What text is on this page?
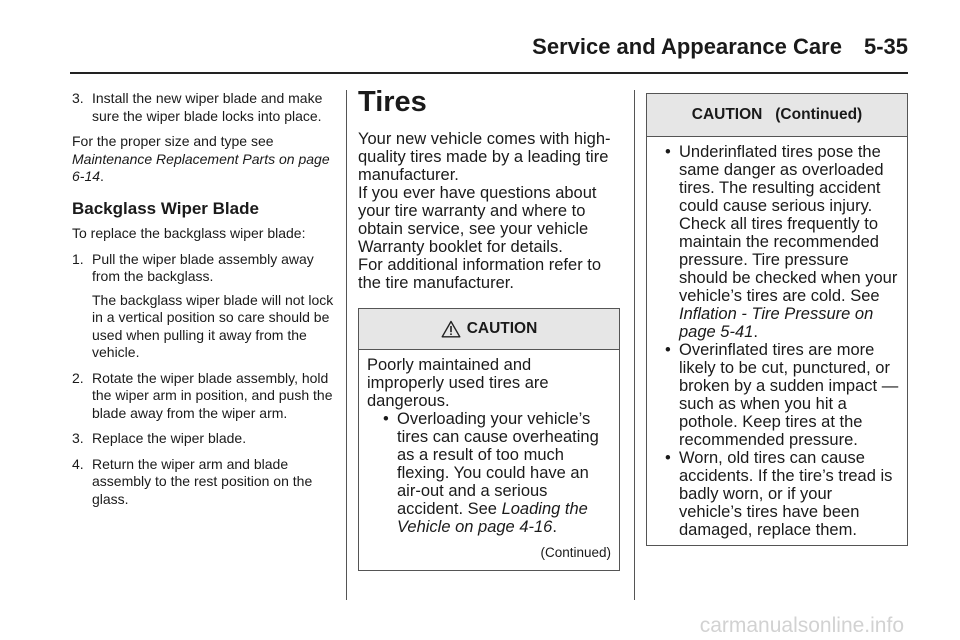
Service and Appearance Care 5-35
3. Install the new wiper blade and make sure the wiper blade locks into place.

For the proper size and type see Maintenance Replacement Parts on page 6-14.

Backglass Wiper Blade

To replace the backglass wiper blade:

1. Pull the wiper blade assembly away from the backglass.
The backglass wiper blade will not lock in a vertical position so care should be used when pulling it away from the vehicle.
2. Rotate the wiper blade assembly, hold the wiper arm in position, and push the blade away from the wiper arm.
3. Replace the wiper blade.
4. Return the wiper arm and blade assembly to the rest position on the glass.
Tires

Your new vehicle comes with high-quality tires made by a leading tire manufacturer.

If you ever have questions about your tire warranty and where to obtain service, see your vehicle Warranty booklet for details.

For additional information refer to the tire manufacturer.

CAUTION
Poorly maintained and improperly used tires are dangerous.
• Overloading your vehicle’s tires can cause overheating as a result of too much flexing. You could have an air-out and a serious accident. See Loading the Vehicle on page 4-16.
(Continued)
CAUTION   (Continued)
• Underinflated tires pose the same danger as overloaded tires. The resulting accident could cause serious injury. Check all tires frequently to maintain the recommended pressure. Tire pressure should be checked when your vehicle’s tires are cold. See Inflation - Tire Pressure on page 5-41.
• Overinflated tires are more likely to be cut, punctured, or broken by a sudden impact — such as when you hit a pothole. Keep tires at the recommended pressure.
• Worn, old tires can cause accidents. If the tire’s tread is badly worn, or if your vehicle’s tires have been damaged, replace them.
carmanualsonline.info
